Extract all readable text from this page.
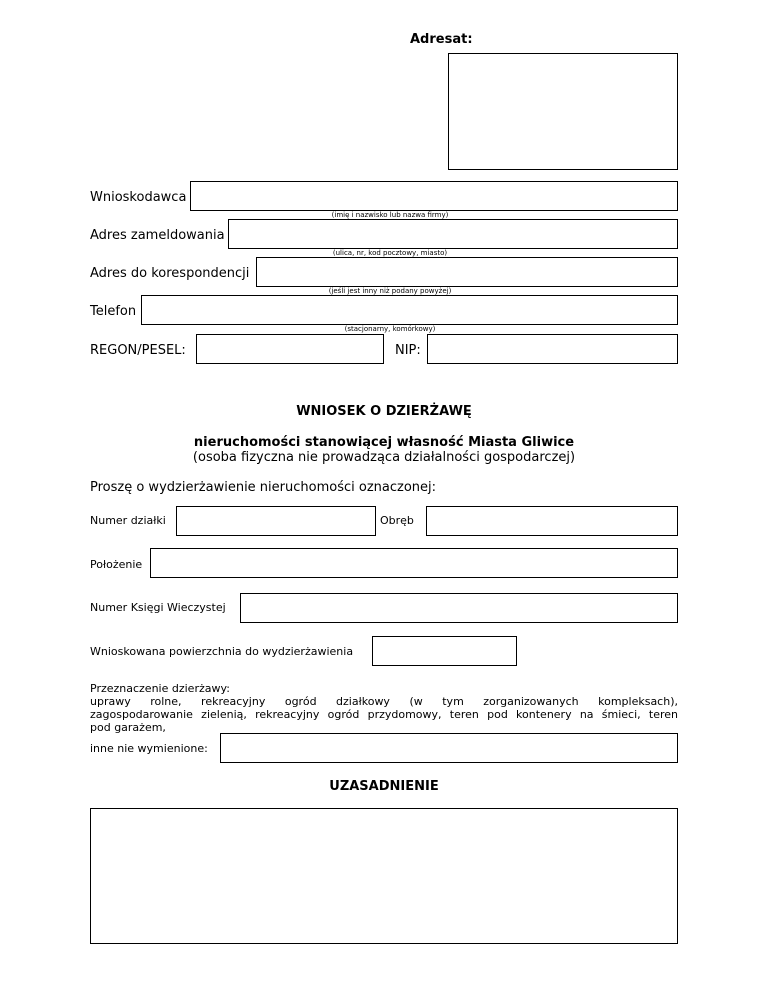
Adresat:
Wnioskodawca
(imię i nazwisko lub nazwa firmy)
Adres zameldowania
(ulica, nr, kod pocztowy, miasto)
Adres do korespondencji
(jeśli jest inny niż podany powyżej)
Telefon
(stacjonarny, komórkowy)
REGON/PESEL:	NIP:
WNIOSEK O DZIERŻAWĘ
nieruchomości stanowiącej własność Miasta Gliwice
(osoba fizyczna nie prowadząca działalności gospodarczej)
Proszę o wydzierżawienie nieruchomości oznaczonej:
Numer działki	Obręb
Położenie
Numer Księgi Wieczystej
Wnioskowana powierzchnia do wydzierżawienia
Przeznaczenie dzierżawy:
uprawy rolne, rekreacyjny ogród działkowy (w tym zorganizowanych kompleksach),
zagospodarowanie zielenią, rekreacyjny ogród przydomowy, teren pod kontenery na śmieci, teren
pod garażem,
inne nie wymienione:
UZASADNIENIE
